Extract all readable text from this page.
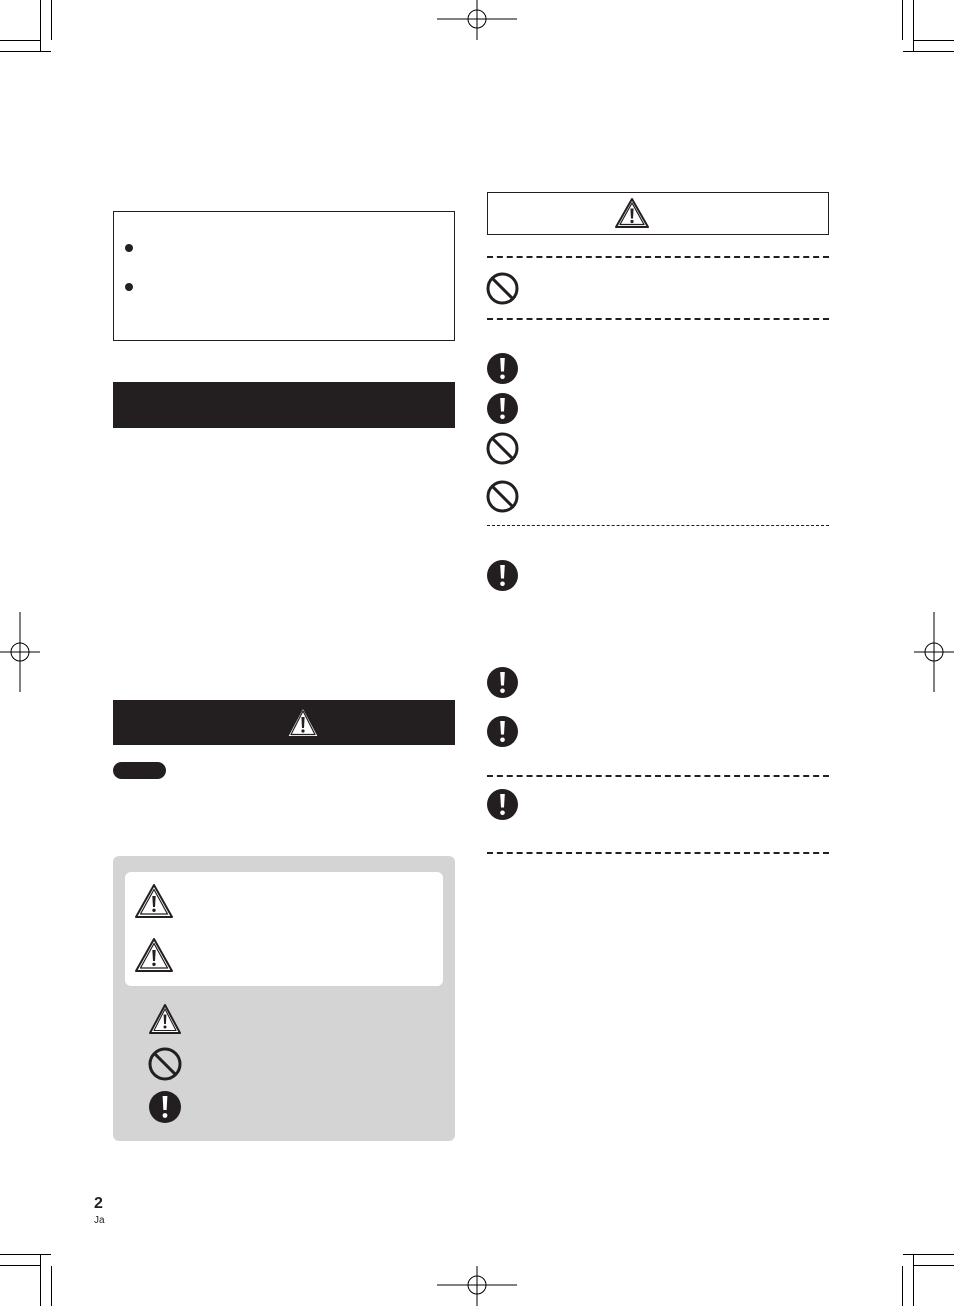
2
Ja
